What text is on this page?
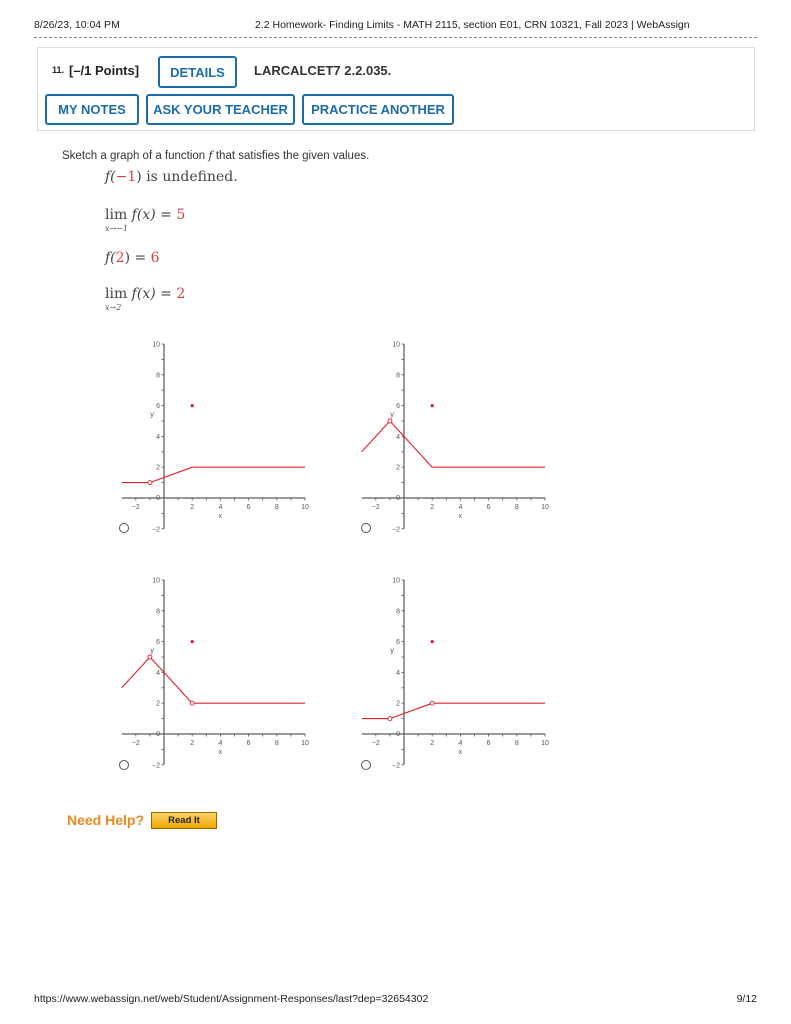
8/26/23, 10:04 PM	2.2 Homework- Finding Limits - MATH 2115, section E01, CRN 10321, Fall 2023 | WebAssign
11. [–/1 Points]	DETAILS	LARCALCET7 2.2.035.
MY NOTES	ASK YOUR TEACHER	PRACTICE ANOTHER
Sketch a graph of a function f that satisfies the given values.
f(−1) is undefined.
lim f(x) = 5
x→−1
f(2) = 6
lim f(x) = 2
x→2
−2	2	4	6	8	10
−2
2
4
6
8
10
0
x
y
−2	2	4	6	8	10
−2
2
4
6
8
10
0
x
y
−2	2	4	6	8	10
−2
2
4
6
8
10
0
x
y
−2	2	4	6	8	10
−2
2
4
6
8
10
0
x
y
Need Help?	Read It
https://www.webassign.net/web/Student/Assignment-Responses/last?dep=32654302	9/12
